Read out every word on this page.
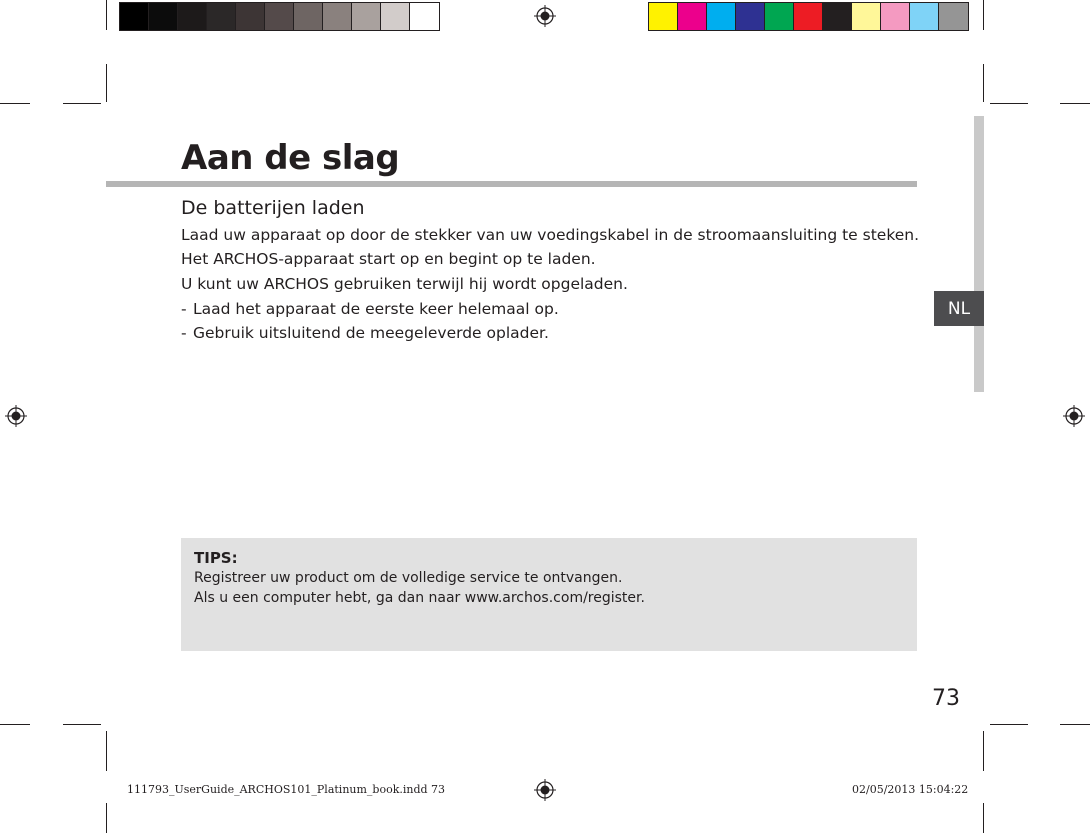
NL
Aan de slag
De batterijen laden
Laad uw apparaat op door de stekker van uw voedingskabel in de stroomaansluiting te steken.
Het ARCHOS-apparaat start op en begint op te laden.
U kunt uw ARCHOS gebruiken terwijl hij wordt opgeladen.
- Laad het apparaat de eerste keer helemaal op.
- Gebruik uitsluitend de meegeleverde oplader.
TIPS:
Registreer uw product om de volledige service te ontvangen.
Als u een computer hebt, ga dan naar www.archos.com/register.
73
111793_UserGuide_ARCHOS101_Platinum_book.indd 73	02/05/2013 15:04:22
